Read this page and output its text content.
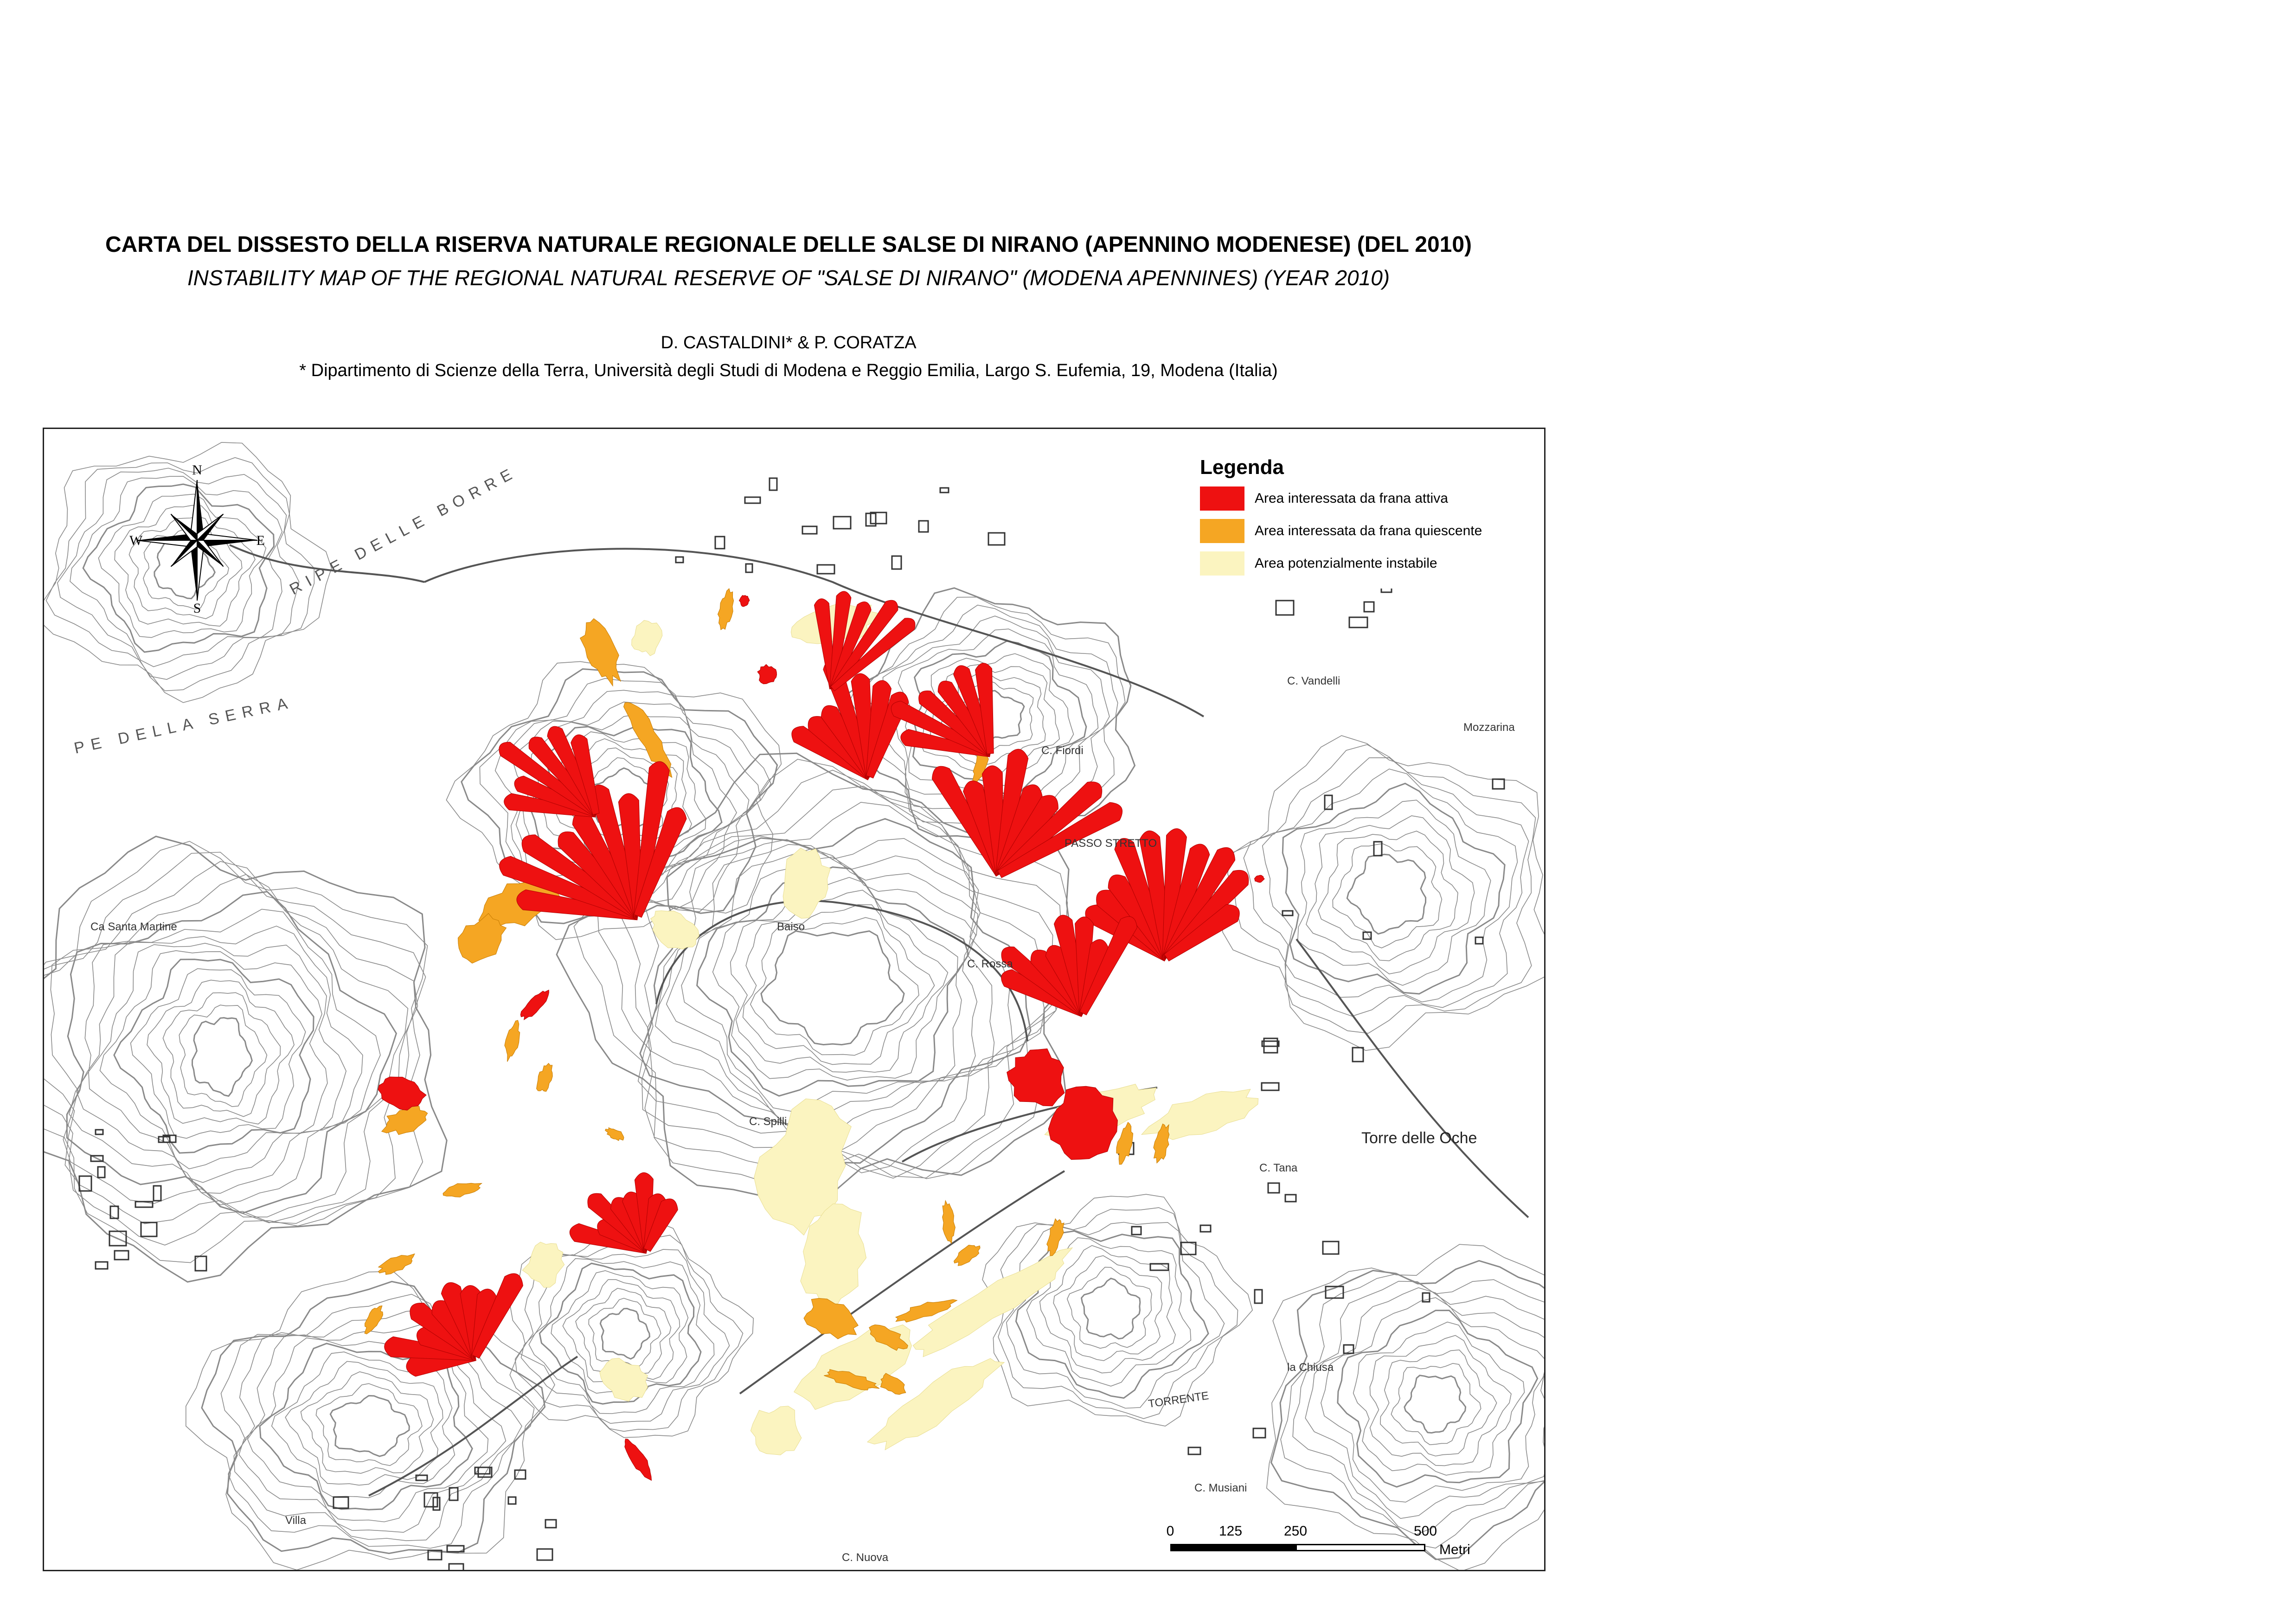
CARTA DEL DISSESTO DELLA RISERVA NATURALE REGIONALE DELLE SALSE DI NIRANO (APENNINO MODENESE) (DEL 2010)
INSTABILITY MAP OF THE REGIONAL NATURAL RESERVE OF "SALSE DI NIRANO" (MODENA APENNINES) (YEAR 2010)
D. CASTALDINI* & P. CORATZA
* Dipartimento di Scienze della Terra, Università degli Studi di Modena e Reggio Emilia, Largo S. Eufemia, 19, Modena (Italia)
Torre delle Oche
PE DELLA SERRA
RIPE DELLE BORRE
Villa
PASSO STRETTO
Mozzarina
C. Vandelli
Ca Santa Martine
TORRENTE
C. Tana
la Chiusa
C. Fiordi
Baiso
C. Rossa
C. Spilli
C. Musiani
C. Nuova
Legenda
Area interessata da frana attiva
Area interessata da frana quiescente
Area potenzialmente instabile
N
S
E
W
0	125	250	500
Metri
